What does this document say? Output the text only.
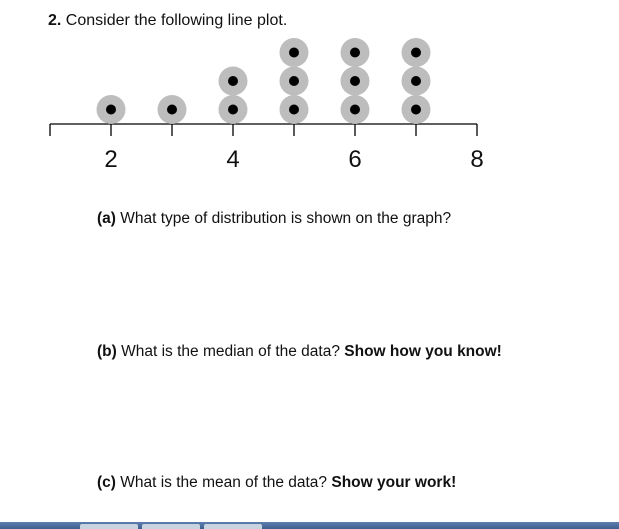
2. Consider the following line plot.
2	4	6	8
(a) What type of distribution is shown on the graph?
(b) What is the median of the data? Show how you know!
(c) What is the mean of the data? Show your work!
